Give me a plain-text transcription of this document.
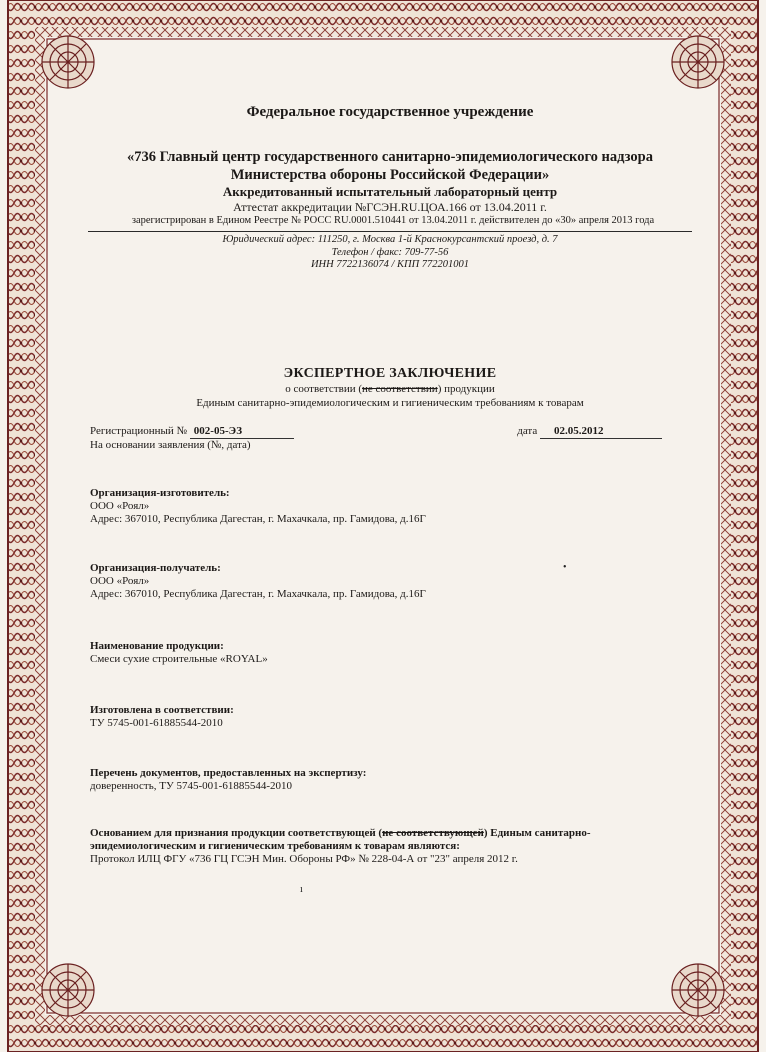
Федеральное государственное учреждение

«736 Главный центр государственного санитарно-эпидемиологического надзора

Министерства обороны Российской Федерации»

Аккредитованный испытательный лабораторный центр

Аттестат аккредитации №ГСЭН.RU.ЦОА.166 от 13.04.2011 г.

зарегистрирован в Едином Реестре № РОСС RU.0001.510441 от 13.04.2011 г. действителен до «30» апреля 2013 года

Юридический адрес: 111250, г. Москва 1-й Краснокурсантский проезд, д. 7

Телефон / факс: 709-77-56

ИНН 7722136074 / КПП 772201001

ЭКСПЕРТНОЕ ЗАКЛЮЧЕНИЕ

о соответствии (не соответствии) продукции

Единым санитарно-эпидемиологическим и гигиеническим требованиям к товарам

Регистрационный № 002-05-ЭЗ	дата 02.05.2012
На основании заявления (№, дата)
Организация-изготовитель:
ООО «Роял»
Адрес: 367010, Республика Дагестан, г. Махачкала, пр. Гамидова, д.16Г
Организация-получатель:
ООО «Роял»
Адрес: 367010, Республика Дагестан, г. Махачкала, пр. Гамидова, д.16Г
Наименование продукции:
Смеси сухие строительные «ROYAL»
Изготовлена в соответствии:
ТУ 5745-001-61885544-2010
Перечень документов, предоставленных на экспертизу:
доверенность, ТУ 5745-001-61885544-2010
Основанием для признания продукции соответствующей (не соответствующей) Единым санитарно-
эпидемиологическим и гигиеническим требованиям к товарам являются:
Протокол ИЛЦ ФГУ «736 ГЦ ГСЭН Мин. Обороны РФ» № 228-04-А от "23" апреля 2012 г.
•
ı
